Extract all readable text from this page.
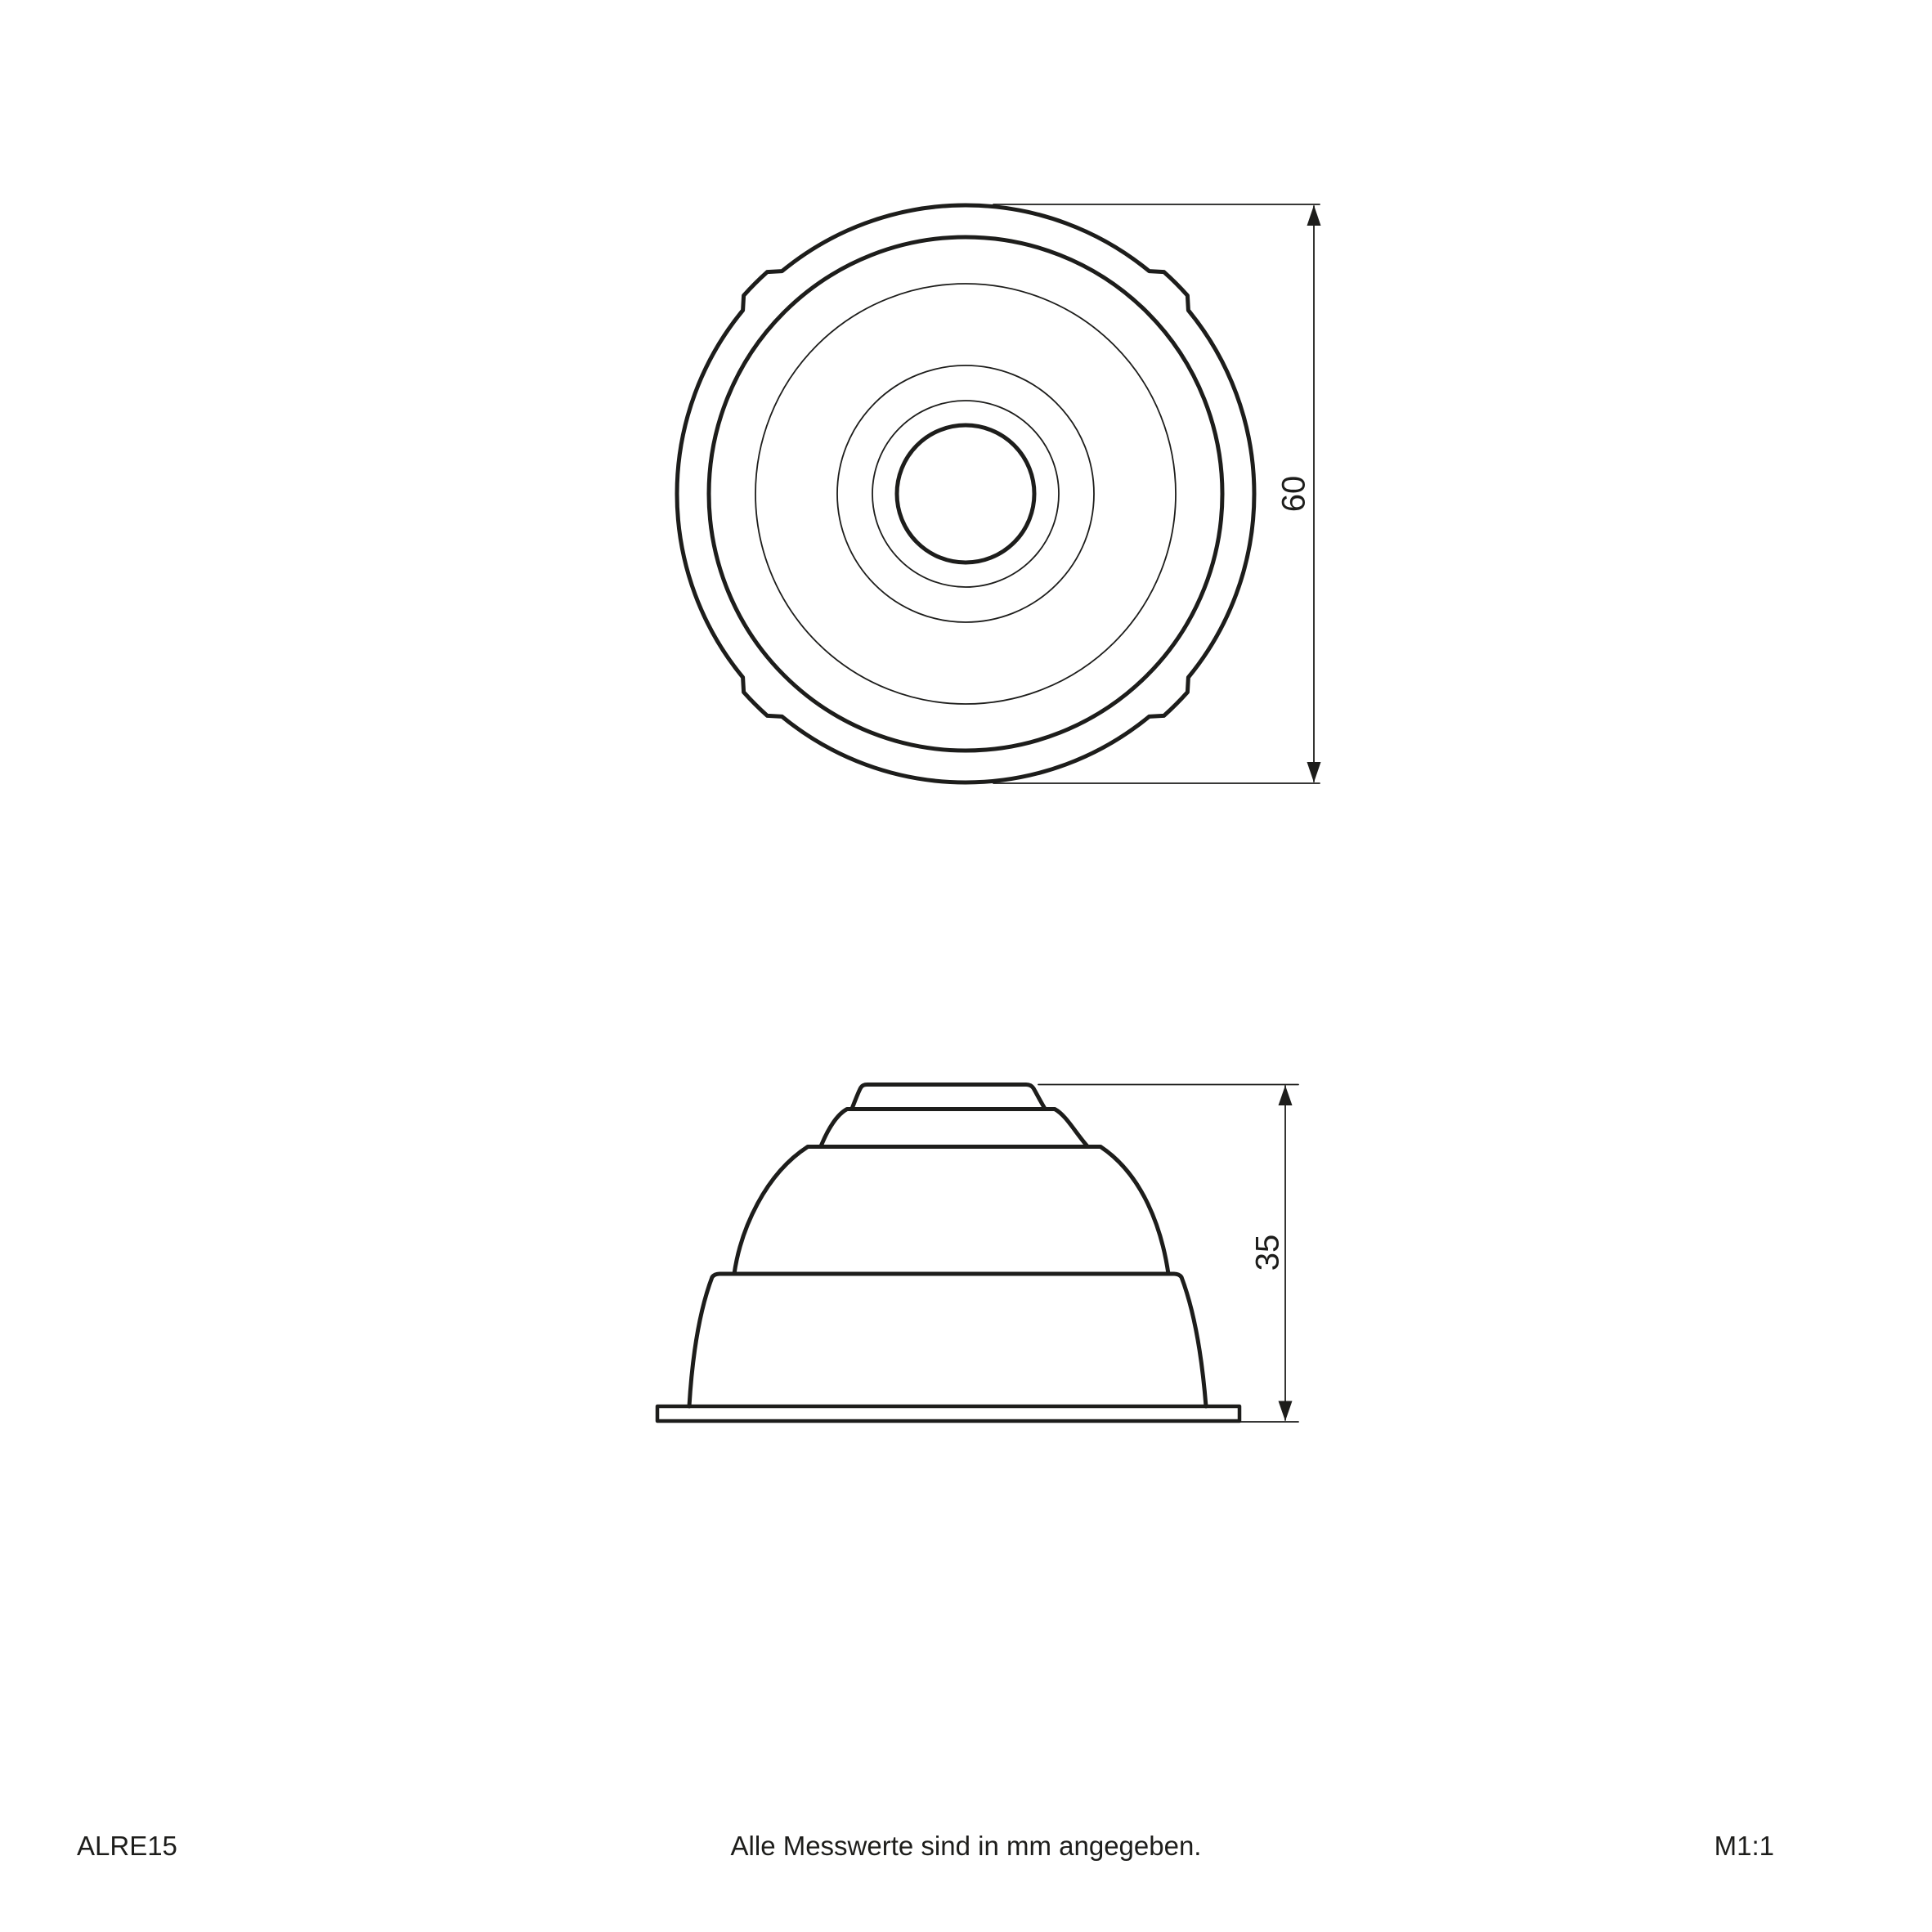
60
35
ALRE15	Alle Messwerte sind in mm angegeben.	M1:1
